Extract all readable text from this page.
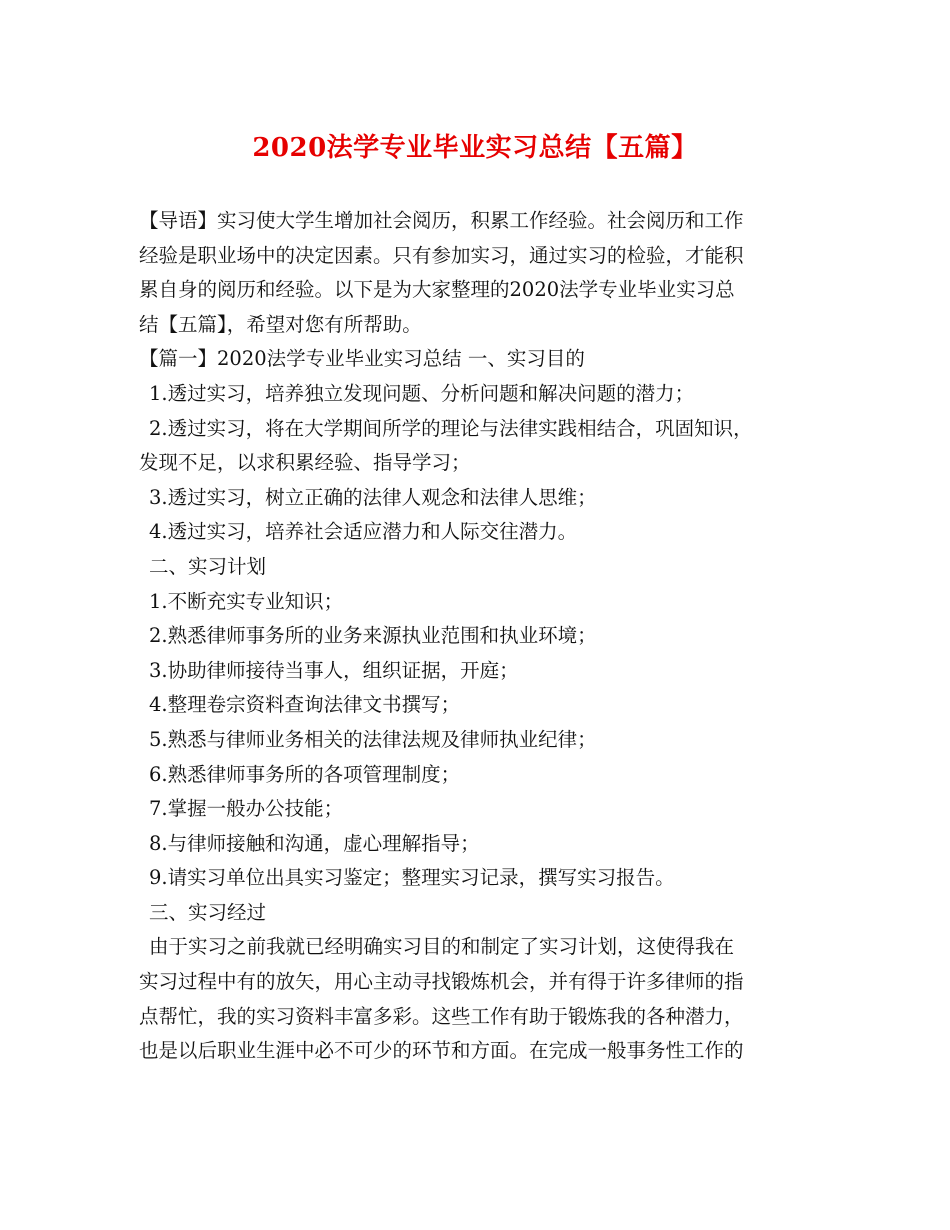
2020法学专业毕业实习总结【五篇】

【导语】实习使大学生增加社会阅历，积累工作经验。社会阅历和工作

经验是职业场中的决定因素。只有参加实习，通过实习的检验，才能积

累自身的阅历和经验。以下是为大家整理的2020法学专业毕业实习总

结【五篇】，希望对您有所帮助。

【篇一】2020法学专业毕业实习总结 一、实习目的

1.透过实习，培养独立发现问题、分析问题和解决问题的潜力；

2.透过实习，将在大学期间所学的理论与法律实践相结合，巩固知识，

发现不足，以求积累经验、指导学习；

3.透过实习，树立正确的法律人观念和法律人思维；

4.透过实习，培养社会适应潜力和人际交往潜力。

二、实习计划

1.不断充实专业知识；

2.熟悉律师事务所的业务来源执业范围和执业环境；

3.协助律师接待当事人，组织证据，开庭；

4.整理卷宗资料查询法律文书撰写；

5.熟悉与律师业务相关的法律法规及律师执业纪律；

6.熟悉律师事务所的各项管理制度；

7.掌握一般办公技能；

8.与律师接触和沟通，虚心理解指导；

9.请实习单位出具实习鉴定；整理实习记录，撰写实习报告。

三、实习经过

由于实习之前我就已经明确实习目的和制定了实习计划，这使得我在

实习过程中有的放矢，用心主动寻找锻炼机会，并有得于许多律师的指

点帮忙，我的实习资料丰富多彩。这些工作有助于锻炼我的各种潜力，

也是以后职业生涯中必不可少的环节和方面。在完成一般事务性工作的
